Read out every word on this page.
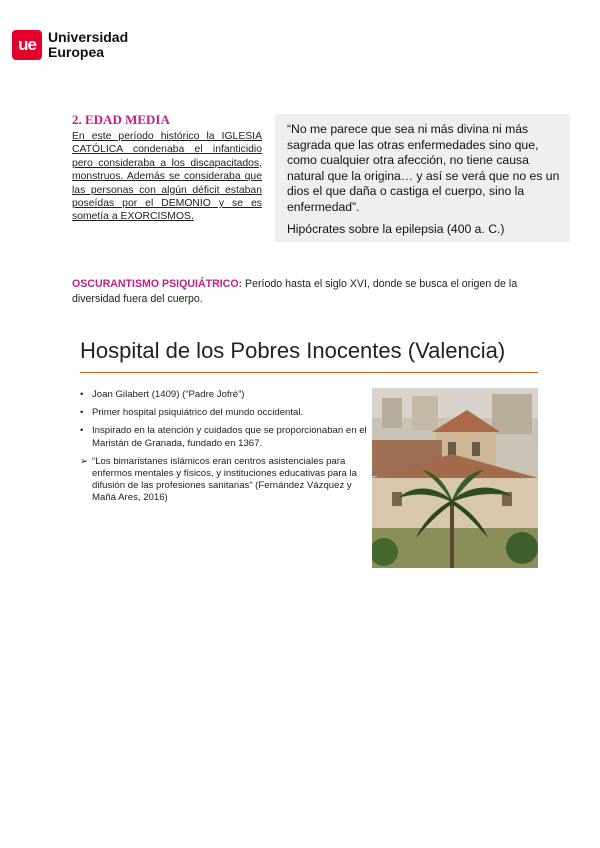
ue Universidad
Europea
2. EDAD MEDIA
En este período histórico la IGLESIA CATÓLICA condenaba el infanticidio pero consideraba a los discapacitados, monstruos. Además se consideraba que las personas con algún déficit estaban poseídas por el DEMONIO y se es sometía a EXORCISMOS.

“No me parece que sea ni más divina ni más sagrada que las otras enfermedades sino que, como cualquier otra afección, no tiene causa natural que la origina… y así se verá que no es un dios el que daña o castiga el cuerpo, sino la enfermedad”.

Hipócrates sobre la epilepsia (400 a. C.)
OSCURANTISMO PSIQUIÁTRICO: Período hasta el siglo XVI, donde se busca el origen de la diversidad fuera del cuerpo.
Hospital de los Pobres Inocentes (Valencia)
• Joan Gilabert (1409) (“Padre Jofré”)
• Primer hospital psiquiátrico del mundo occidental.
• Inspirado en la atención y cuidados que se proporcionaban en el Maristán de Granada, fundado en 1367.
➢ “Los bimaristanes islámicos eran centros asistenciales para enfermos mentales y físicos, y instituciones educativas para la difusión de las profesiones sanitarias” (Fernández Vázquez y Mañá Ares, 2016)
